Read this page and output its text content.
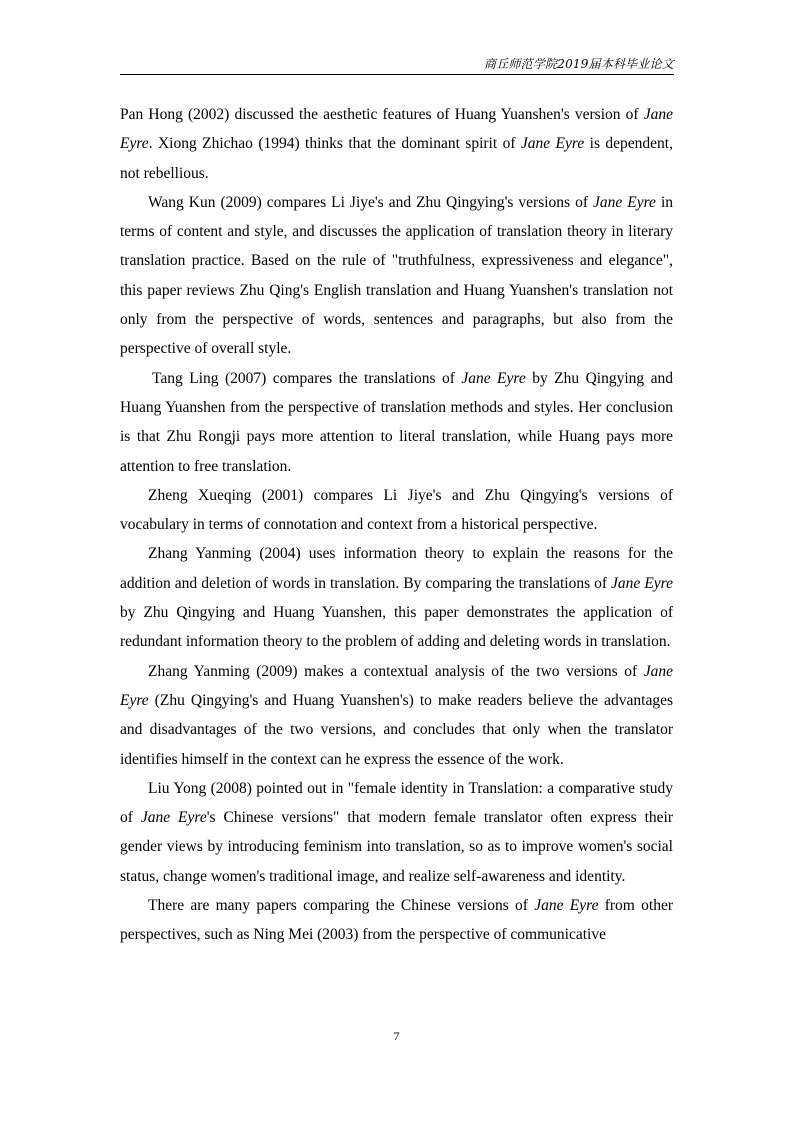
商丘师范学院2019届本科毕业论文

Pan Hong (2002) discussed the aesthetic features of Huang Yuanshen's version of Jane Eyre. Xiong Zhichao (1994) thinks that the dominant spirit of Jane Eyre is dependent, not rebellious.

Wang Kun (2009) compares Li Jiye's and Zhu Qingying's versions of Jane Eyre in terms of content and style, and discusses the application of translation theory in literary translation practice. Based on the rule of "truthfulness, expressiveness and elegance", this paper reviews Zhu Qing's English translation and Huang Yuanshen's translation not only from the perspective of words, sentences and paragraphs, but also from the perspective of overall style.

Tang Ling (2007) compares the translations of Jane Eyre by Zhu Qingying and Huang Yuanshen from the perspective of translation methods and styles. Her conclusion is that Zhu Rongji pays more attention to literal translation, while Huang pays more attention to free translation.

Zheng Xueqing (2001) compares Li Jiye's and Zhu Qingying's versions of vocabulary in terms of connotation and context from a historical perspective.

Zhang Yanming (2004) uses information theory to explain the reasons for the addition and deletion of words in translation. By comparing the translations of Jane Eyre by Zhu Qingying and Huang Yuanshen, this paper demonstrates the application of redundant information theory to the problem of adding and deleting words in translation.

Zhang Yanming (2009) makes a contextual analysis of the two versions of Jane Eyre (Zhu Qingying's and Huang Yuanshen's) to make readers believe the advantages and disadvantages of the two versions, and concludes that only when the translator identifies himself in the context can he express the essence of the work.

Liu Yong (2008) pointed out in "female identity in Translation: a comparative study of Jane Eyre's Chinese versions" that modern female translator often express their gender views by introducing feminism into translation, so as to improve women's social status, change women's traditional image, and realize self-awareness and identity.

There are many papers comparing the Chinese versions of Jane Eyre from other perspectives, such as Ning Mei (2003) from the perspective of communicative

7
